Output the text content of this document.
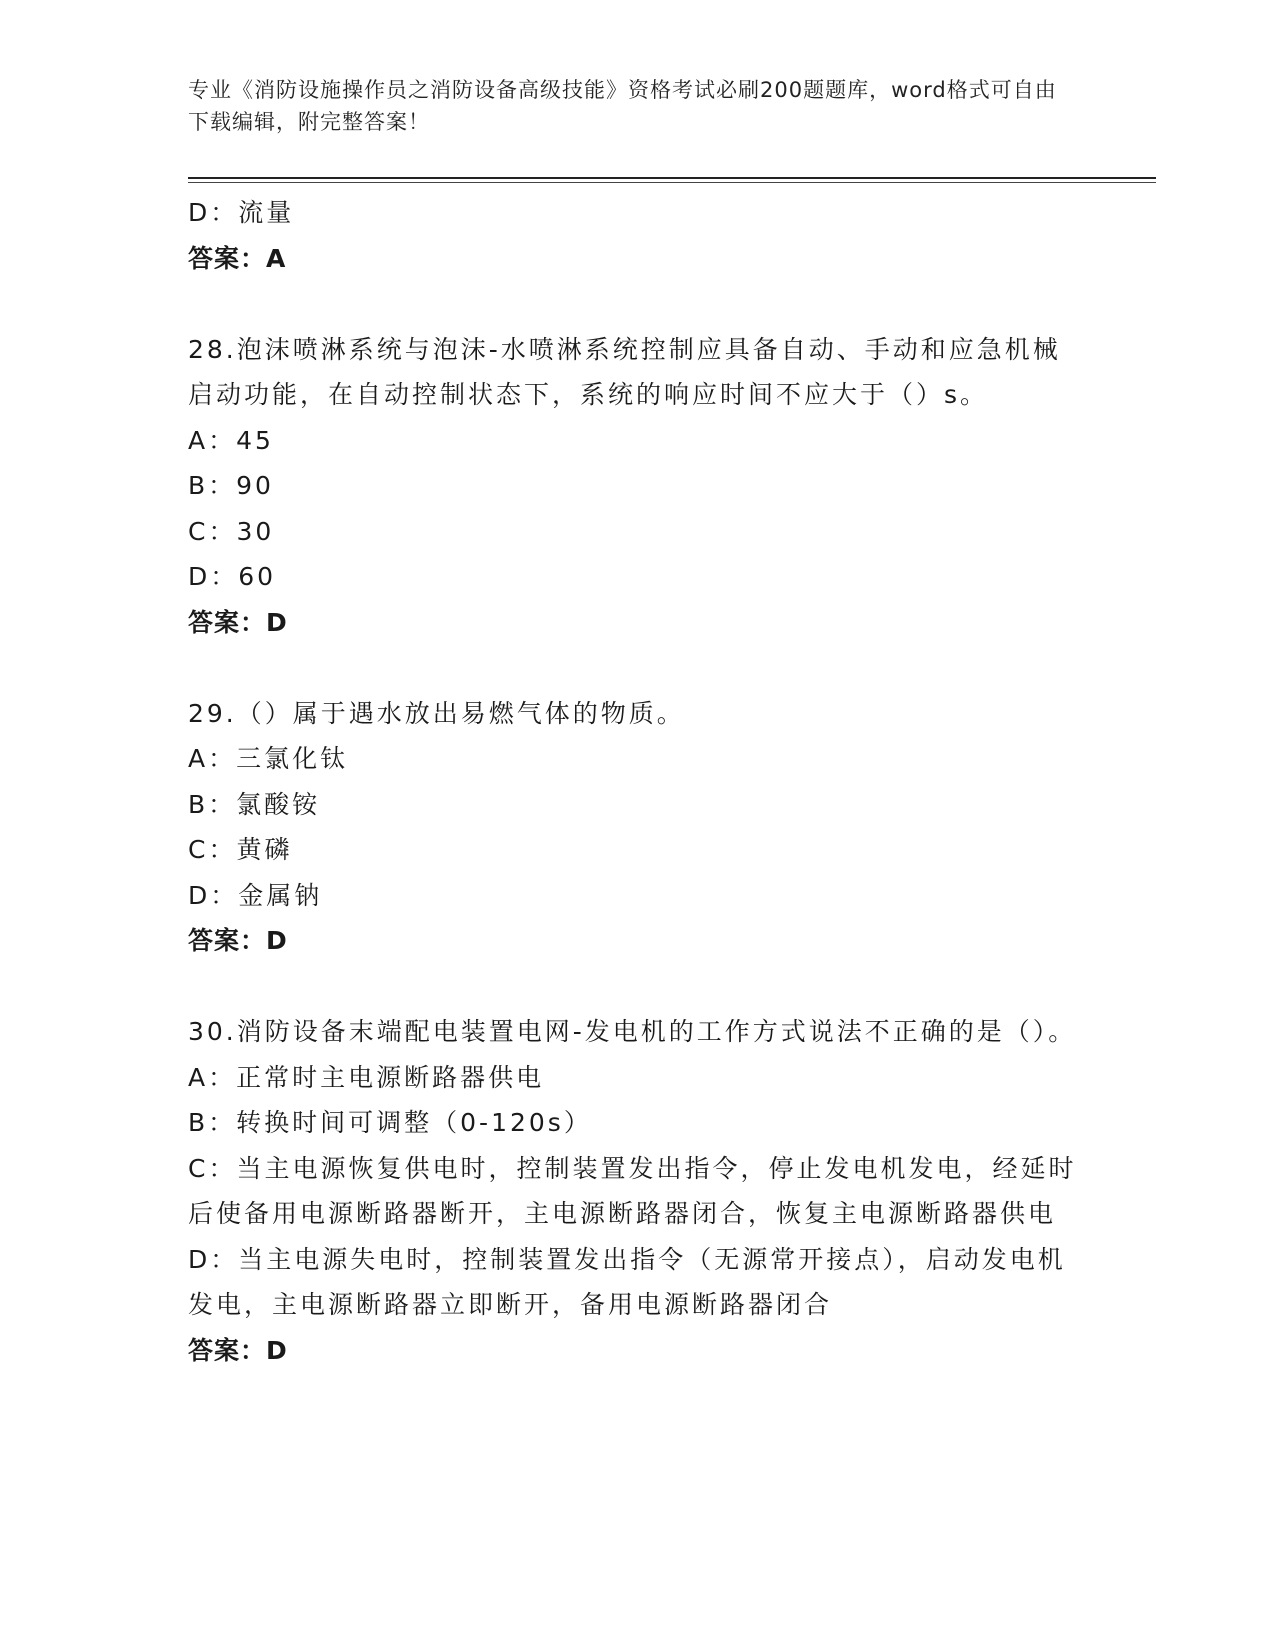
专业《消防设施操作员之消防设备高级技能》资格考试必刷200题题库，word格式可自由下载编辑，附完整答案！
D：流量
答案：A
28.泡沫喷淋系统与泡沫-水喷淋系统控制应具备自动、手动和应急机械启动功能，在自动控制状态下，系统的响应时间不应大于（）s。
A：45
B：90
C：30
D：60
答案：D
29.（）属于遇水放出易燃气体的物质。
A：三氯化钛
B：氯酸铵
C：黄磷
D：金属钠
答案：D
30.消防设备末端配电装置电网-发电机的工作方式说法不正确的是（）。
A：正常时主电源断路器供电
B：转换时间可调整（0-120s）
C：当主电源恢复供电时，控制装置发出指令，停止发电机发电，经延时后使备用电源断路器断开，主电源断路器闭合，恢复主电源断路器供电
D：当主电源失电时，控制装置发出指令（无源常开接点），启动发电机发电，主电源断路器立即断开，备用电源断路器闭合
答案：D
